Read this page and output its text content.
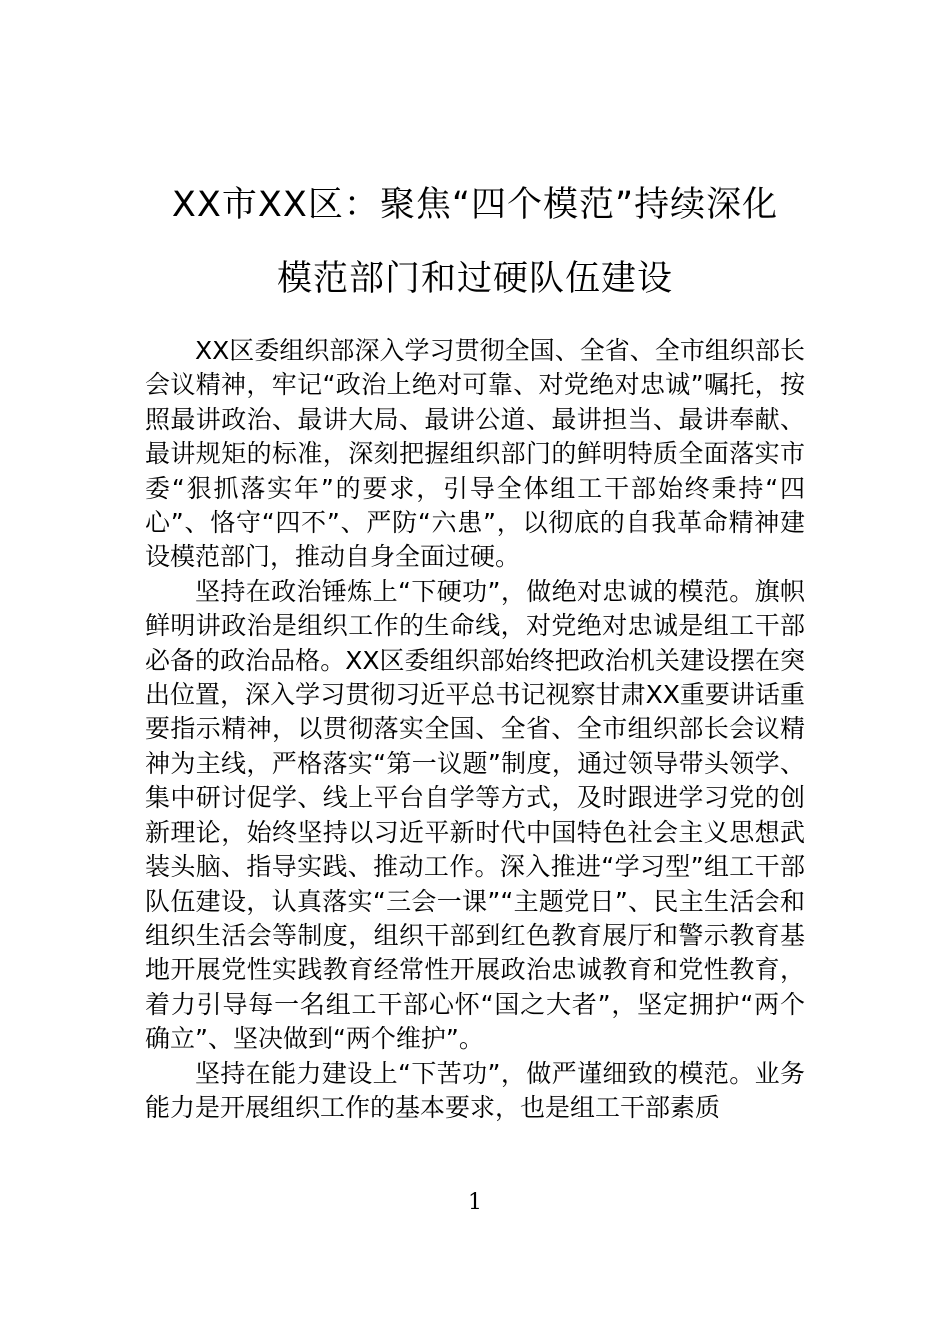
XX市XX区：聚焦“四个模范”持续深化
模范部门和过硬队伍建设

XX区委组织部深入学习贯彻全国、全省、全市组织部长会议精神，牢记“政治上绝对可靠、对党绝对忠诚”嘱托，按照最讲政治、最讲大局、最讲公道、最讲担当、最讲奉献、最讲规矩的标准，深刻把握组织部门的鲜明特质全面落实市委“狠抓落实年”的要求，引导全体组工干部始终秉持“四心”、恪守“四不”、严防“六患”，以彻底的自我革命精神建设模范部门，推动自身全面过硬。

坚持在政治锤炼上“下硬功”，做绝对忠诚的模范。旗帜鲜明讲政治是组织工作的生命线，对党绝对忠诚是组工干部必备的政治品格。XX区委组织部始终把政治机关建设摆在突出位置，深入学习贯彻习近平总书记视察甘肃XX重要讲话重要指示精神，以贯彻落实全国、全省、全市组织部长会议精神为主线，严格落实“第一议题”制度，通过领导带头领学、集中研讨促学、线上平台自学等方式，及时跟进学习党的创新理论，始终坚持以习近平新时代中国特色社会主义思想武装头脑、指导实践、推动工作。深入推进“学习型”组工干部队伍建设，认真落实“三会一课”“主题党日”、民主生活会和组织生活会等制度，组织干部到红色教育展厅和警示教育基地开展党性实践教育经常性开展政治忠诚教育和党性教育，着力引导每一名组工干部心怀“国之大者”，坚定拥护“两个确立”、坚决做到“两个维护”。

坚持在能力建设上“下苦功”，做严谨细致的模范。业务能力是开展组织工作的基本要求，也是组工干部素质

1
